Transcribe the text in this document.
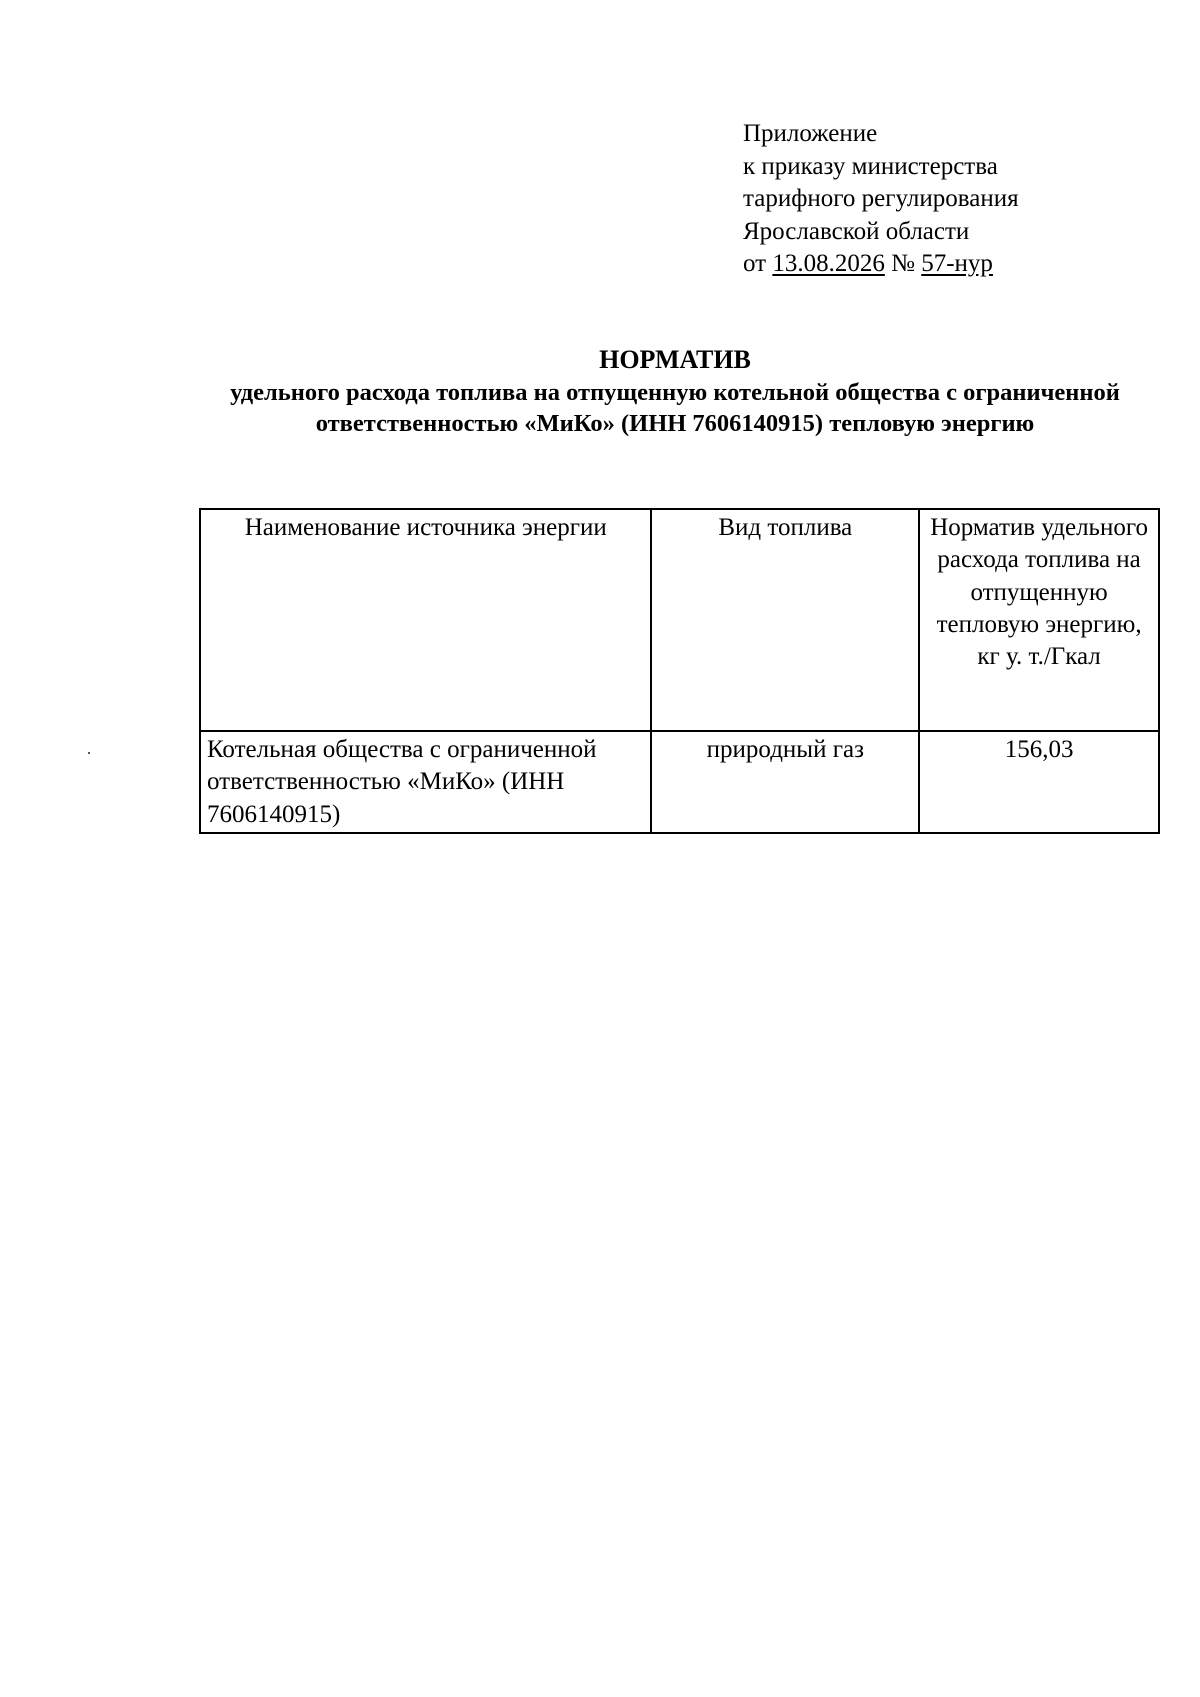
Приложение
к приказу министерства
тарифного регулирования
Ярославской области
от 13.08.2026 № 57-нур
НОРМАТИВ
удельного расхода топлива на отпущенную котельной общества с ограниченной ответственностью «МиКо» (ИНН 7606140915) тепловую энергию
Наименование источника энергии	Вид топлива	Норматив удельного расхода топлива на отпущенную тепловую энергию, кг у. т./Гкал
Котельная общества с ограниченной ответственностью «МиКо» (ИНН 7606140915)	природный газ	156,03
